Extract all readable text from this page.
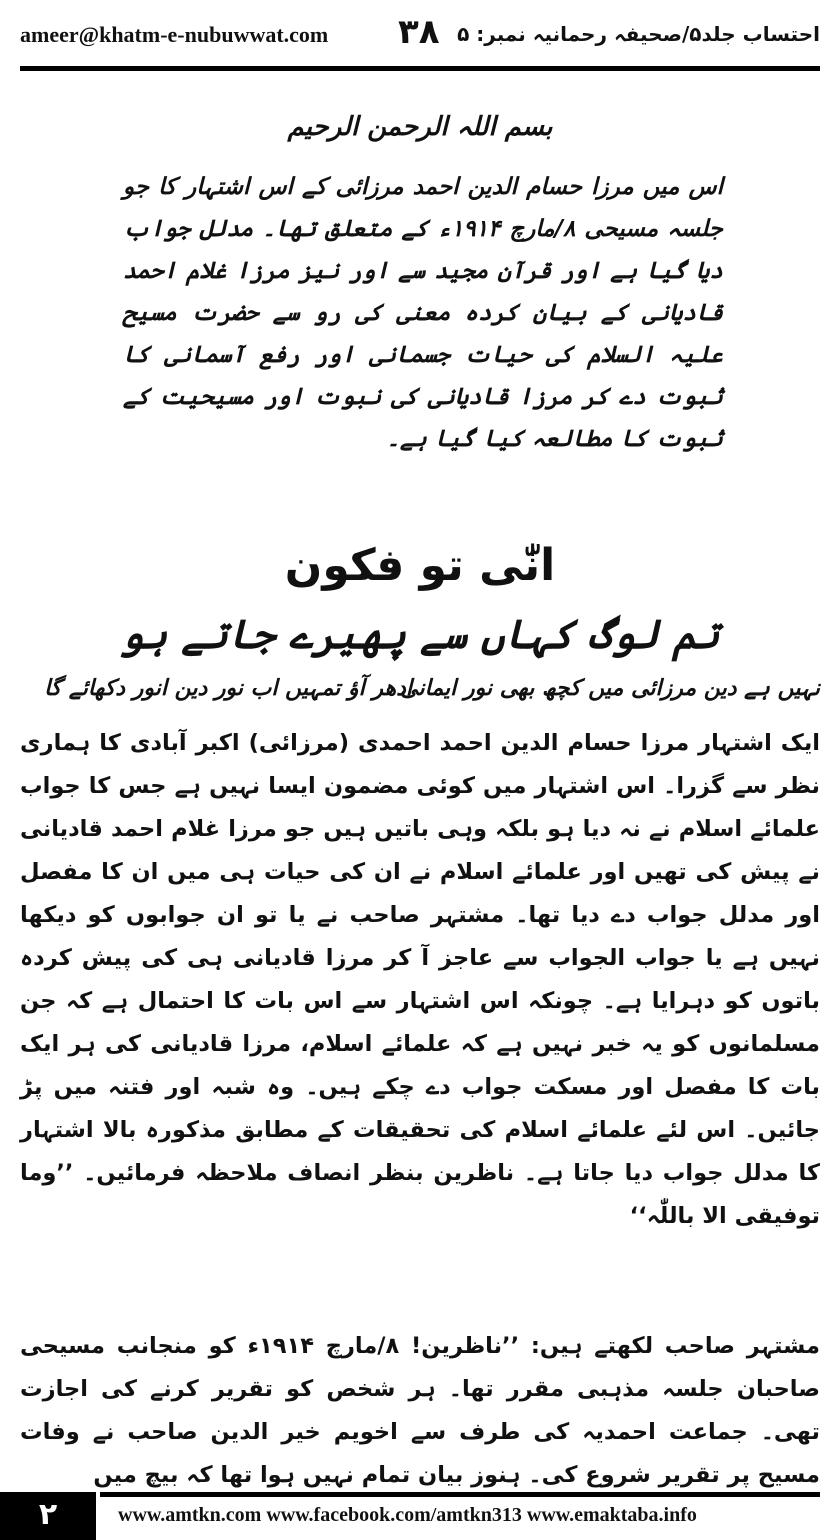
ameer@khatm-e-nubuwwat.com ۳۸ احتساب جلد۵/صحیفہ رحمانیہ نمبر: ۵
بسم اللہ الرحمن الرحیم
اس میں مرزا حسام الدین احمد مرزائی کے اس اشتہار کا جو جلسہ مسیحی ۸/مارچ ۱۹۱۴ء کے متعلق تھا۔ مدلل جواب دیا گیا ہے اور قرآن مجید سے اور نیز مرزا غلام احمد قادیانی کے بیان کردہ معنی کی رو سے حضرت مسیح علیہ السلام کی حیات جسمانی اور رفع آسمانی کا ثبوت دے کر مرزا قادیانی کی نبوت اور مسیحیت کے ثبوت کا مطالعہ کیا گیا ہے۔
انّٰی تو فکون
تم لوگ کہاں سے پھیرے جاتے ہو
نہیں ہے دین مرزائی میں کچھ بھی نور ایمانی
ادھر آؤ تمہیں اب نور دین انور دکھائے گا
ایک اشتہار مرزا حسام الدین احمد احمدی (مرزائی) اکبر آبادی کا ہماری نظر سے گزرا۔ اس اشتہار میں کوئی مضمون ایسا نہیں ہے جس کا جواب علمائے اسلام نے نہ دیا ہو بلکہ وہی باتیں ہیں جو مرزا غلام احمد قادیانی نے پیش کی تھیں اور علمائے اسلام نے ان کی حیات ہی میں ان کا مفصل اور مدلل جواب دے دیا تھا۔ مشتہر صاحب نے یا تو ان جوابوں کو دیکھا نہیں ہے یا جواب الجواب سے عاجز آ کر مرزا قادیانی ہی کی پیش کردہ باتوں کو دہرایا ہے۔ چونکہ اس اشتہار سے اس بات کا احتمال ہے کہ جن مسلمانوں کو یہ خبر نہیں ہے کہ علمائے اسلام، مرزا قادیانی کی ہر ایک بات کا مفصل اور مسکت جواب دے چکے ہیں۔ وہ شبہ اور فتنہ میں پڑ جائیں۔ اس لئے علمائے اسلام کی تحقیقات کے مطابق مذکورہ بالا اشتہار کا مدلل جواب دیا جاتا ہے۔ ناظرین بنظر انصاف ملاحظہ فرمائیں۔ ’’وما توفیقی الا باللّٰہ‘‘
مشتہر صاحب لکھتے ہیں: ’’ناظرین! ۸/مارچ ۱۹۱۴ء کو منجانب مسیحی صاحبان جلسہ مذہبی مقرر تھا۔ ہر شخص کو تقریر کرنے کی اجازت تھی۔ جماعت احمدیہ کی طرف سے اخویم خیر الدین صاحب نے وفات مسیح پر تقریر شروع کی۔ ہنوز بیان تمام نہیں ہوا تھا کہ بیچ میں
۲	www.amtkn.com www.facebook.com/amtkn313 www.emaktaba.info
